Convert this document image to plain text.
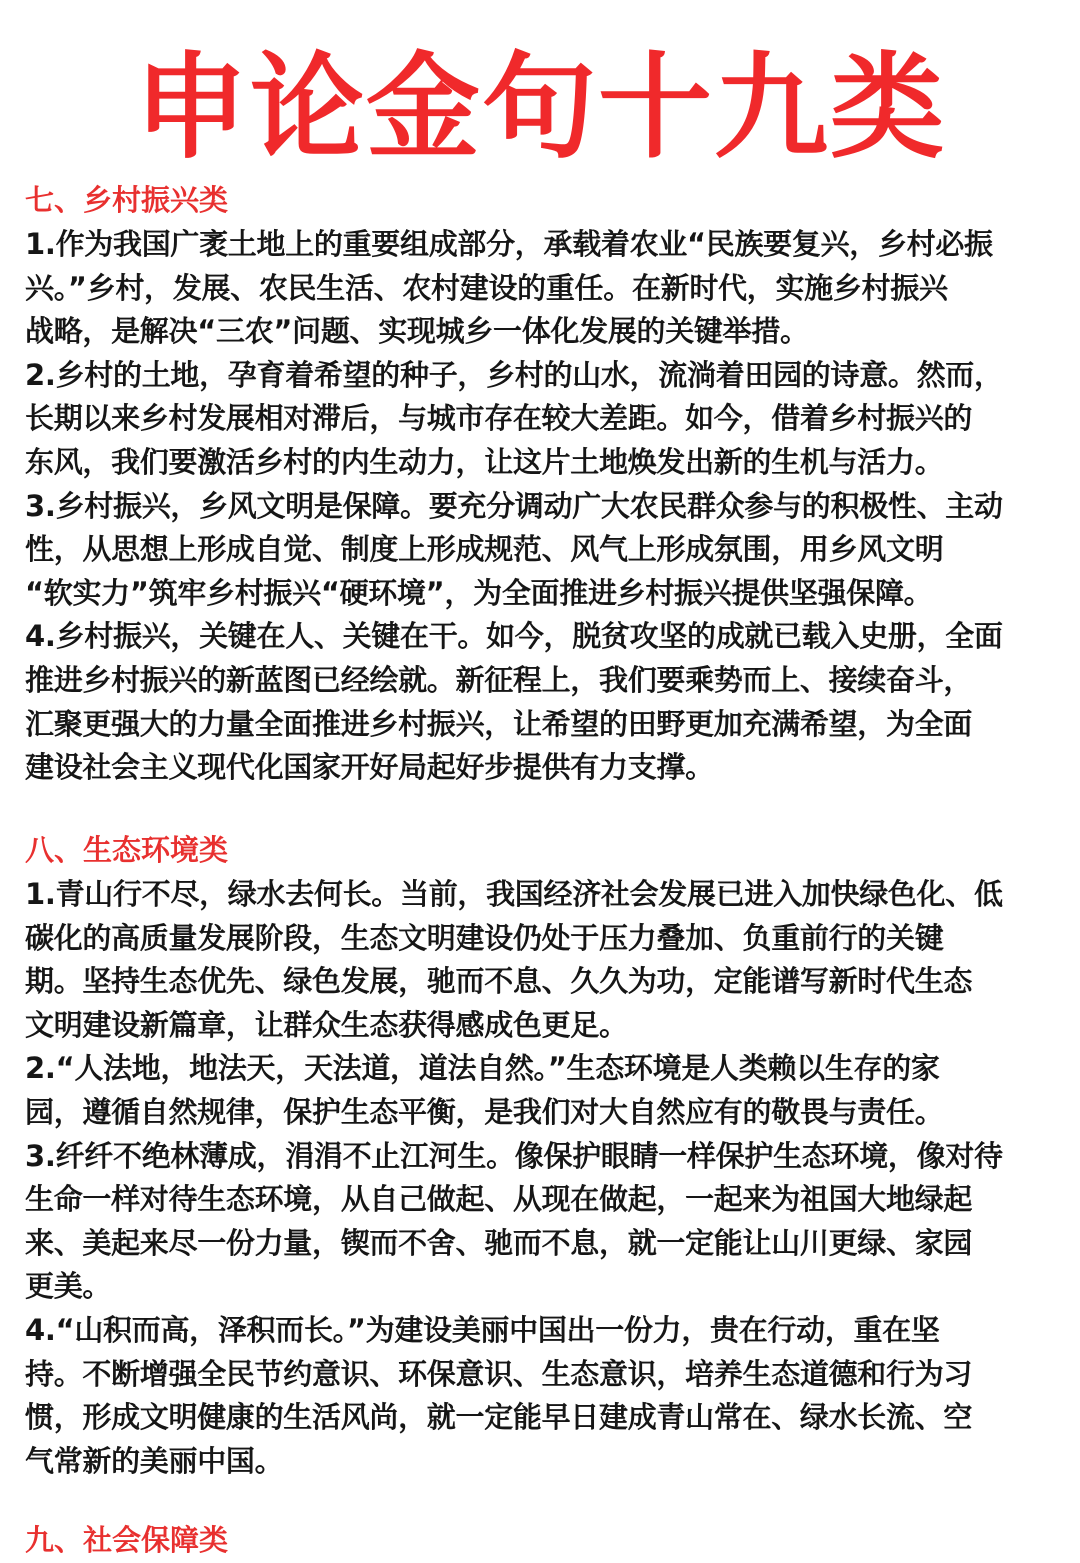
申论金句十九类
七、乡村振兴类

1.作为我国广袤土地上的重要组成部分，承载着农业“民族要复兴，乡村必振
兴。”乡村，发展、农民生活、农村建设的重任。在新时代，实施乡村振兴
战略，是解决“三农”问题、实现城乡一体化发展的关键举措。

2.乡村的土地，孕育着希望的种子，乡村的山水，流淌着田园的诗意。然而，
长期以来乡村发展相对滞后，与城市存在较大差距。如今，借着乡村振兴的
东风，我们要激活乡村的内生动力，让这片土地焕发出新的生机与活力。

3.乡村振兴，乡风文明是保障。要充分调动广大农民群众参与的积极性、主动
性，从思想上形成自觉、制度上形成规范、风气上形成氛围，用乡风文明
“软实力”筑牢乡村振兴“硬环境”，为全面推进乡村振兴提供坚强保障。

4.乡村振兴，关键在人、关键在干。如今，脱贫攻坚的成就已载入史册，全面
推进乡村振兴的新蓝图已经绘就。新征程上，我们要乘势而上、接续奋斗，
汇聚更强大的力量全面推进乡村振兴，让希望的田野更加充满希望，为全面
建设社会主义现代化国家开好局起好步提供有力支撑。

八、生态环境类

1.青山行不尽，绿水去何长。当前，我国经济社会发展已进入加快绿色化、低
碳化的高质量发展阶段，生态文明建设仍处于压力叠加、负重前行的关键
期。坚持生态优先、绿色发展，驰而不息、久久为功，定能谱写新时代生态
文明建设新篇章，让群众生态获得感成色更足。

2.“人法地，地法天，天法道，道法自然。”生态环境是人类赖以生存的家
园，遵循自然规律，保护生态平衡，是我们对大自然应有的敬畏与责任。

3.纤纤不绝林薄成，涓涓不止江河生。像保护眼睛一样保护生态环境，像对待
生命一样对待生态环境，从自己做起、从现在做起，一起来为祖国大地绿起
来、美起来尽一份力量，锲而不舍、驰而不息，就一定能让山川更绿、家园
更美。

4.“山积而高，泽积而长。”为建设美丽中国出一份力，贵在行动，重在坚
持。不断增强全民节约意识、环保意识、生态意识，培养生态道德和行为习
惯，形成文明健康的生活风尚，就一定能早日建成青山常在、绿水长流、空
气常新的美丽中国。

九、社会保障类
